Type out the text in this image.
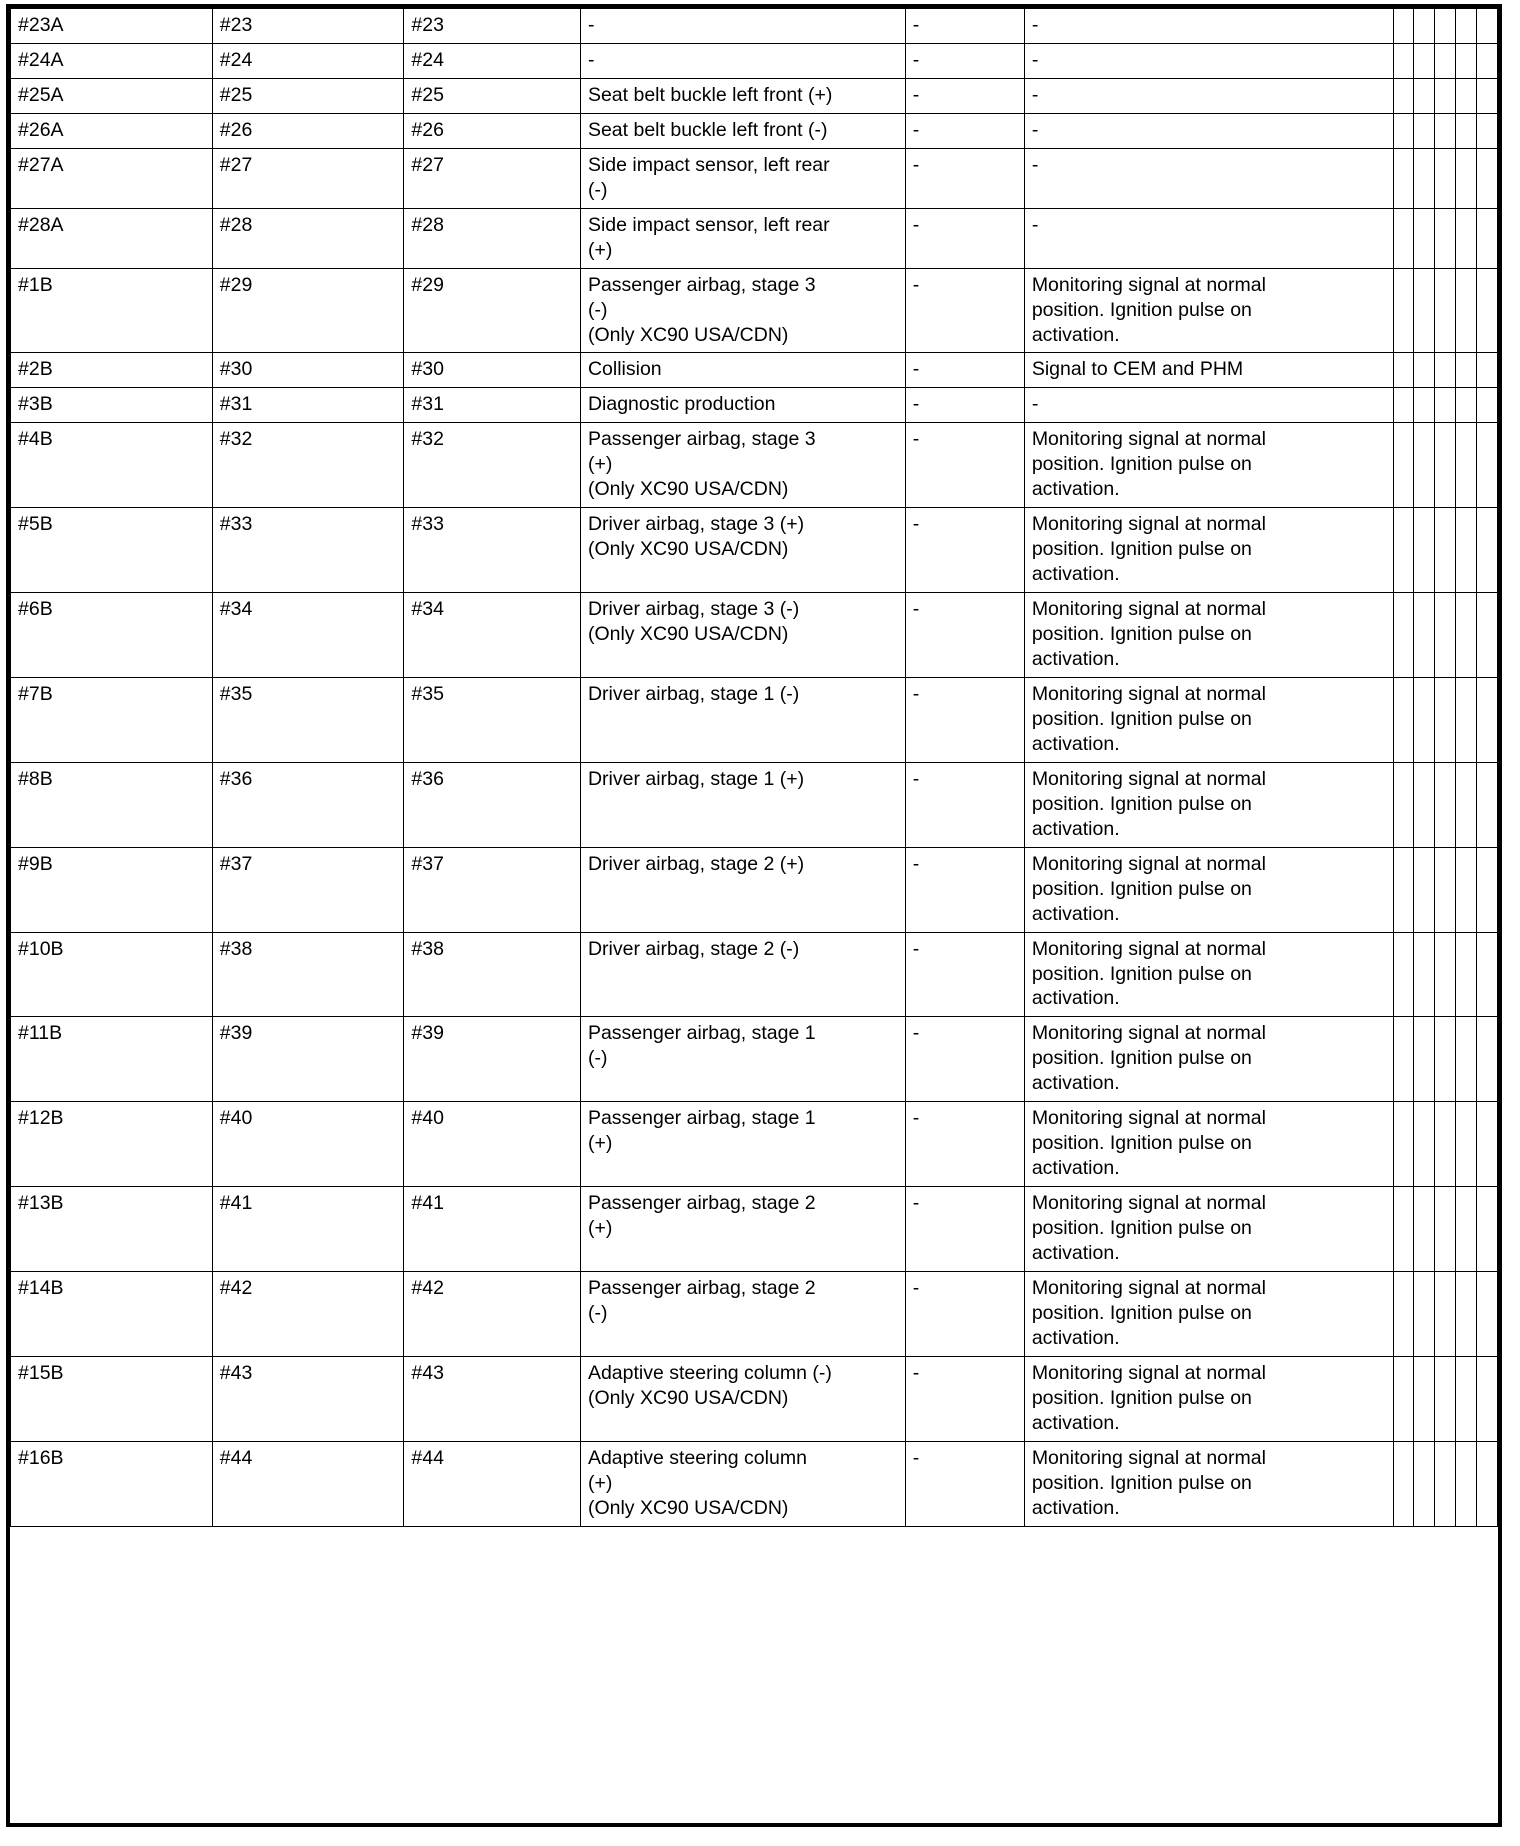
#23A	#23	#23	-	-	-					

#24A	#24	#24	-	-	-					

#25A	#25	#25	Seat belt buckle left front (+)	-	-					

#26A	#26	#26	Seat belt buckle left front (-)	-	-					

#27A	#27	#27	Side impact sensor, left rear
(-)	-	-					

#28A	#28	#28	Side impact sensor, left rear
(+)	-	-					

#1B	#29	#29	Passenger airbag, stage 3
(-)
(Only XC90 USA/CDN)	-	Monitoring signal at normal
position. Ignition pulse on
activation.					

#2B	#30	#30	Collision	-	Signal to CEM and PHM					

#3B	#31	#31	Diagnostic production	-	-					

#4B	#32	#32	Passenger airbag, stage 3
(+)
(Only XC90 USA/CDN)	-	Monitoring signal at normal
position. Ignition pulse on
activation.					

#5B	#33	#33	Driver airbag, stage 3 (+)
(Only XC90 USA/CDN)	-	Monitoring signal at normal
position. Ignition pulse on
activation.					

#6B	#34	#34	Driver airbag, stage 3 (-)
(Only XC90 USA/CDN)	-	Monitoring signal at normal
position. Ignition pulse on
activation.					

#7B	#35	#35	Driver airbag, stage 1 (-)	-	Monitoring signal at normal
position. Ignition pulse on
activation.					

#8B	#36	#36	Driver airbag, stage 1 (+)	-	Monitoring signal at normal
position. Ignition pulse on
activation.					

#9B	#37	#37	Driver airbag, stage 2 (+)	-	Monitoring signal at normal
position. Ignition pulse on
activation.					

#10B	#38	#38	Driver airbag, stage 2 (-)	-	Monitoring signal at normal
position. Ignition pulse on
activation.					

#11B	#39	#39	Passenger airbag, stage 1
(-)	-	Monitoring signal at normal
position. Ignition pulse on
activation.					

#12B	#40	#40	Passenger airbag, stage 1
(+)	-	Monitoring signal at normal
position. Ignition pulse on
activation.					

#13B	#41	#41	Passenger airbag, stage 2
(+)	-	Monitoring signal at normal
position. Ignition pulse on
activation.					

#14B	#42	#42	Passenger airbag, stage 2
(-)	-	Monitoring signal at normal
position. Ignition pulse on
activation.					

#15B	#43	#43	Adaptive steering column (-)
(Only XC90 USA/CDN)	-	Monitoring signal at normal
position. Ignition pulse on
activation.					

#16B	#44	#44	Adaptive steering column
(+)
(Only XC90 USA/CDN)	-	Monitoring signal at normal
position. Ignition pulse on
activation.					
